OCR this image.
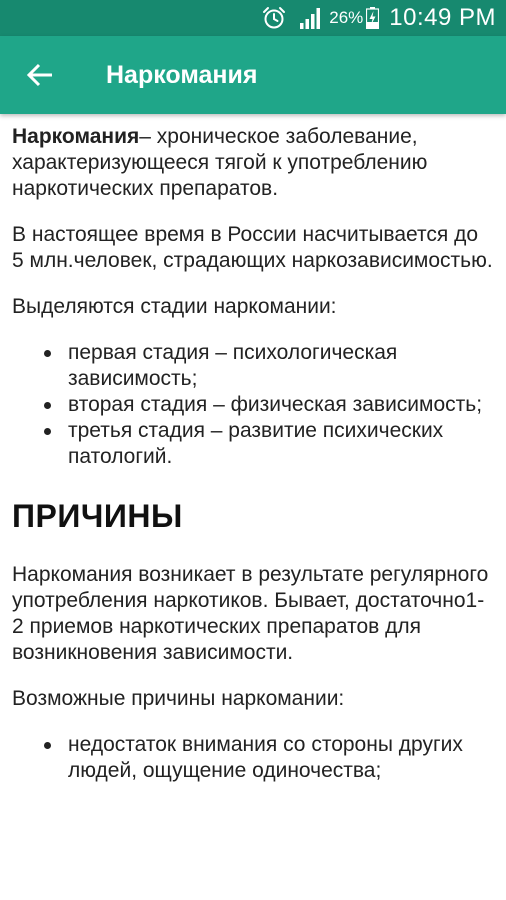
26% 10:49 PM
Наркомания

Наркомания– хроническое заболевание, характеризующееся тягой к употреблению наркотических препаратов.

В настоящее время в России насчитывается до 5 млн.человек, страдающих наркозависимостью.

Выделяются стадии наркомании:

первая стадия – психологическая зависимость;
вторая стадия – физическая зависимость;
третья стадия – развитие психических патологий.
ПРИЧИНЫ

Наркомания возникает в результате регулярного употребления наркотиков. Бывает, достаточно1-2 приемов наркотических препаратов для возникновения зависимости.

Возможные причины наркомании:

недостаток внимания со стороны других людей, ощущение одиночества;
